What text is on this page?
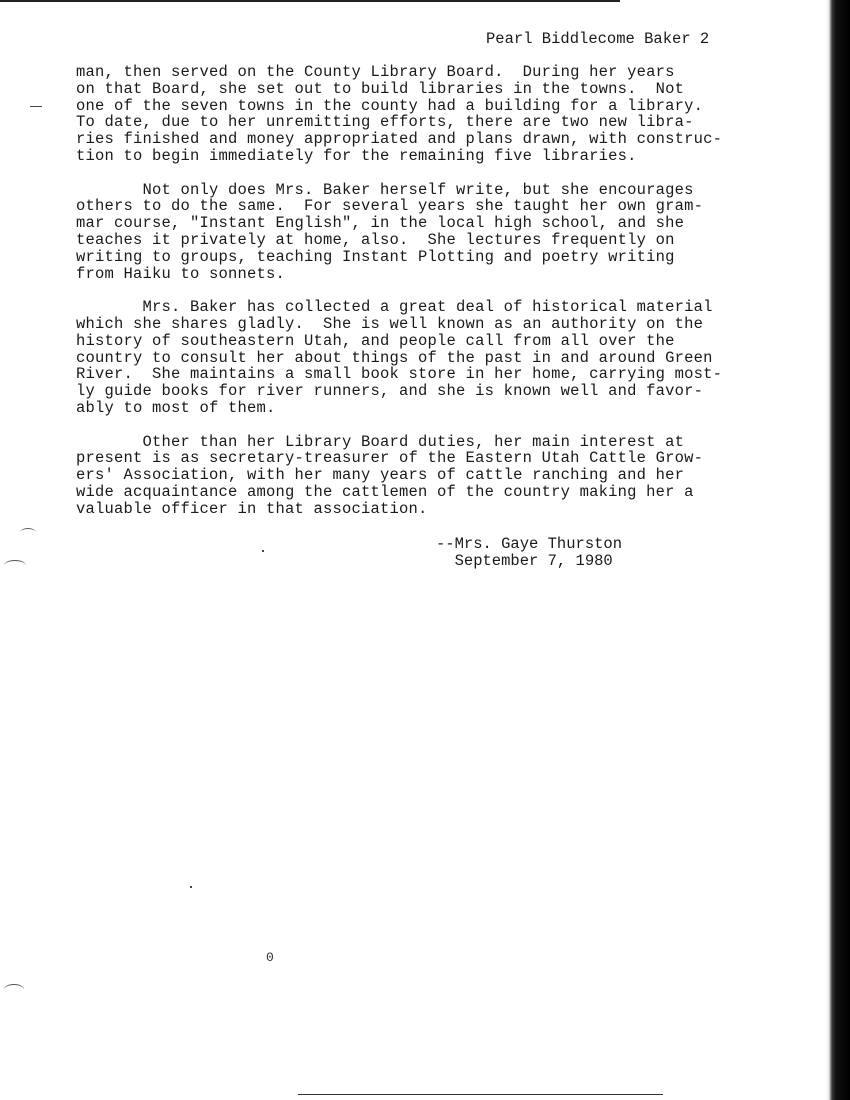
Pearl Biddlecome Baker 2
man, then served on the County Library Board.  During her years
on that Board, she set out to build libraries in the towns.  Not
one of the seven towns in the county had a building for a library.
To date, due to her unremitting efforts, there are two new libra-
ries finished and money appropriated and plans drawn, with construc-
tion to begin immediately for the remaining five libraries.
Not only does Mrs. Baker herself write, but she encourages
others to do the same.  For several years she taught her own gram-
mar course, "Instant English", in the local high school, and she
teaches it privately at home, also.  She lectures frequently on
writing to groups, teaching Instant Plotting and poetry writing
from Haiku to sonnets.
Mrs. Baker has collected a great deal of historical material
which she shares gladly.  She is well known as an authority on the
history of southeastern Utah, and people call from all over the
country to consult her about things of the past in and around Green
River.  She maintains a small book store in her home, carrying most-
ly guide books for river runners, and she is known well and favor-
ably to most of them.
Other than her Library Board duties, her main interest at
present is as secretary-treasurer of the Eastern Utah Cattle Grow-
ers' Association, with her many years of cattle ranching and her
wide acquaintance among the cattlemen of the country making her a
valuable officer in that association.
--Mrs. Gaye Thurston
September 7, 1980
0
